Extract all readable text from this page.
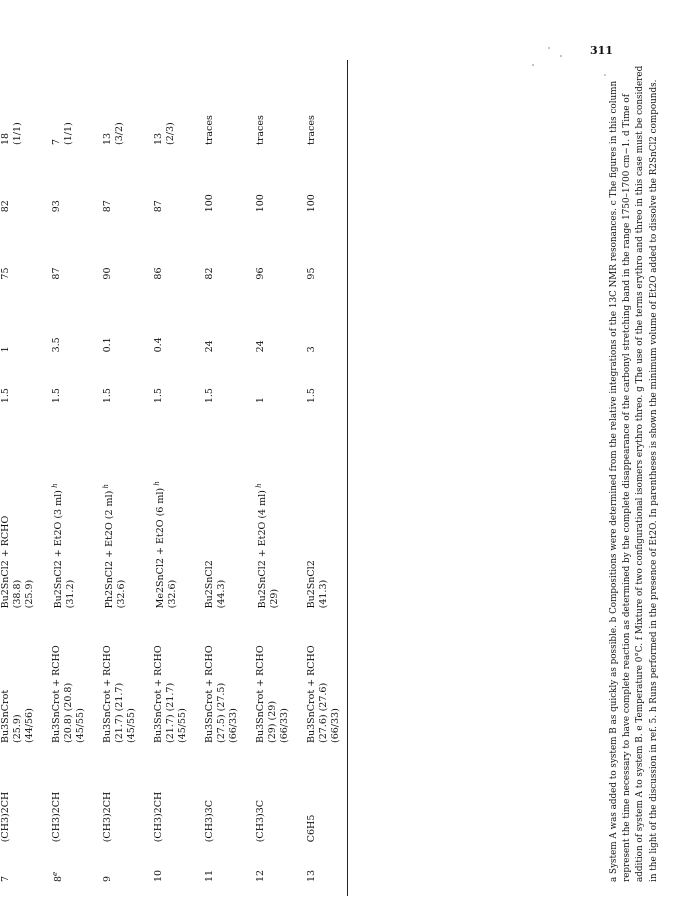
311
7	(CH3)2CH	Bu3SnCrot (25.9) (44/56)	Bu2SnCl2 + RCHO (38.8) (25.9)	1.5	1	75	82	18 (1/1)

8e	(CH3)2CH	Bu3SnCrot + RCHO (20.8) (20.8) (45/55)	Bu2SnCl2 + Et2O (3 ml) $^h$
(31.2)	1.5	3.5	87	93	7 (1/1)

9	(CH3)2CH	Bu3SnCrot + RCHO (21.7) (21.7) (45/55)	Ph2SnCl2 + Et2O (2 ml) $^h$
(32.6)	1.5	0.1	90	87	13 (3/2)

10	(CH3)2CH	Bu3SnCrot + RCHO (21.7) (21.7) (45/55)	Me2SnCl2 + Et2O (6 ml) $^h$
(32.6)	1.5	0.4	86	87	13 (2/3)

11	(CH3)3C	Bu3SnCrot + RCHO (27.5) (27.5) (66/33)	Bu2SnCl2 (44.3)	1.5	24	82	100	traces

12	(CH3)3C	Bu3SnCrot + RCHO (29) (29) (66/33)	Bu2SnCl2 + Et2O (4 ml) $^h$
(29)	1	24	96	100	traces

13	C6H5	Bu3SnCrot + RCHO (27.6) (27.6) (66/33)	Bu2SnCl2 (41.3)	1.5	3	95	100	traces	a System A was added to system B as quickly as possible. b Compositions were determined from the relative integrations of the 13C NMR resonances. c The figures in this column represent the time necessary to have complete reaction as determined by the complete disappearance of the carbonyl stretching band in the range 1750–1700 cm−1. d Time of addition of system A to system B. e Temperature 0°C. f Mixture of two configurational isomers erythro threo. g The use of the terms erythro and threo in this case must be considered in the light of the discussion in ref. 5. h Runs performed in the presence of Et2O. In parentheses is shown the minimum volume of Et2O added to dissolve the R2SnCl2 compounds.
